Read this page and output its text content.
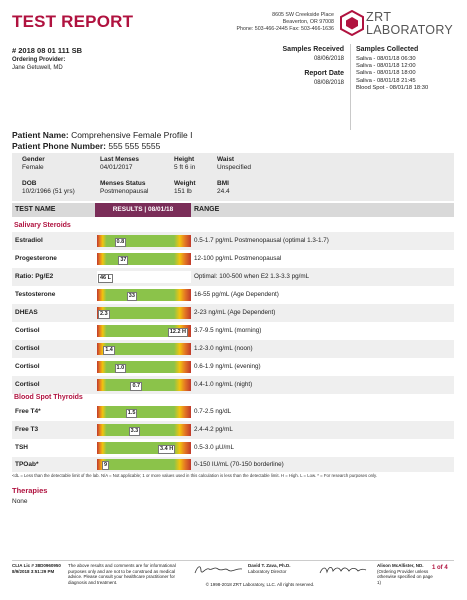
TEST REPORT	8605 SW Creekside Place
Beaverton, OR 97008
Phone: 503-466-2445 Fax: 503-466-1636
ZRT
LABORATORY
# 2018 08 01 111 SB
Ordering Provider:
Jane Getuwell, MD
Samples Received
08/06/2018
Report Date
08/08/2018
Samples Collected
Saliva - 08/01/18 06:30
Saliva - 08/01/18 12:00
Saliva - 08/01/18 18:00
Saliva - 08/01/18 21:45
Blood Spot - 08/01/18 18:30
Patient Name: Comprehensive Female Profile I
Patient Phone Number: 555 555 5555
Gender
Female
Last Menses
04/01/2017
Height
5 ft 6 in
Waist
Unspecified
DOB
10/2/1966 (51 yrs)
Menses Status
Postmenopausal
Weight
151 lb
BMI
24.4
TEST NAME	RESULTS | 08/01/18	RANGE
Salivary Steroids
Estradiol	0.8	0.5-1.7 pg/mL Postmenopausal (optimal 1.3-1.7)
Progesterone	37	12-100 pg/mL Postmenopausal
Ratio: Pg/E2	46 L	Optimal: 100-500 when E2 1.3-3.3 pg/mL
Testosterone	33	16-55 pg/mL (Age Dependent)
DHEAS	2.3	2-23 ng/mL (Age Dependent)
Cortisol	12.2 H	3.7-9.5 ng/mL (morning)
Cortisol	1.4	1.2-3.0 ng/mL (noon)
Cortisol	1.0	0.6-1.9 ng/mL (evening)
Cortisol	0.7	0.4-1.0 ng/mL (night)
Blood Spot Thyroids
Free T4*	1.5	0.7-2.5 ng/dL
Free T3	3.3	2.4-4.2 pg/mL
TSH	3.4 H	0.5-3.0 µU/mL
TPOab*	9	0-150 IU/mL (70-150 borderline)
<dL = Less than the detectable limit of the lab. N/A = Not applicable; 1 or more values used in this calculation is less than the detectable limit. H = High. L = Low. * = For research purposes only.
Therapies
None
CLIA Lic # 38D0960950
8/9/2018 3:51:29 PM
The above results and comments are for informational purposes only and are not to be construed as medical advice. Please consult your healthcare practitioner for diagnosis and treatment.
David T. Zava, Ph.D.
Laboratory Director
Alison McAllister, ND.
(Ordering Provider unless otherwise specified on page 1)
1 of 4
© 1998-2018 ZRT Laboratory, LLC. All rights reserved.
